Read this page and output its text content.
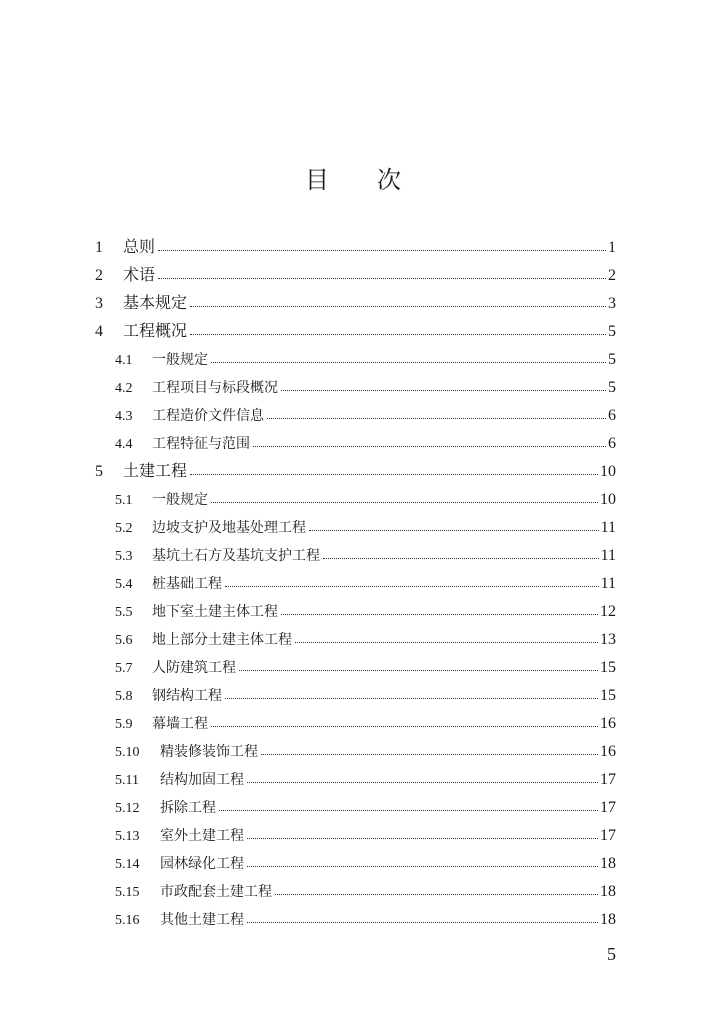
目 次
1	总则	1
2	术语	2
3	基本规定	3
4	工程概况	5
4.1	一般规定	5
4.2	工程项目与标段概况	5
4.3	工程造价文件信息	6
4.4	工程特征与范围	6
5	土建工程	10
5.1	一般规定	10
5.2	边坡支护及地基处理工程	11
5.3	基坑土石方及基坑支护工程	11
5.4	桩基础工程	11
5.5	地下室土建主体工程	12
5.6	地上部分土建主体工程	13
5.7	人防建筑工程	15
5.8	钢结构工程	15
5.9	幕墙工程	16
5.10	精装修装饰工程	16
5.11	结构加固工程	17
5.12	拆除工程	17
5.13	室外土建工程	17
5.14	园林绿化工程	18
5.15	市政配套土建工程	18
5.16	其他土建工程	18
5
